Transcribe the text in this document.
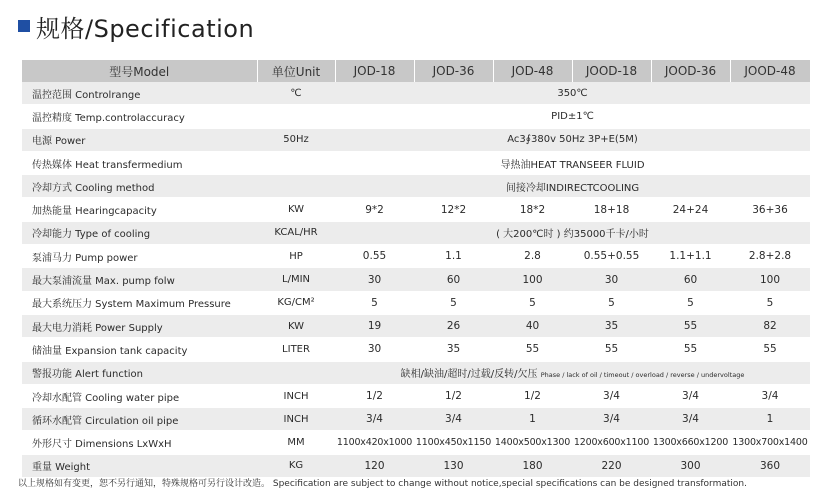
规格/Specification
型号Model	单位Unit	JOD-18	JOD-36	JOD-48	JOOD-18	JOOD-36	JOOD-48
温控范围 Controlrange	℃	350℃					
温控精度 Temp.controlaccuracy		PID±1℃					
电源 Power	50Hz	Ac3∮380v 50Hz 3P+E(5M)					
传热媒体 Heat transfermedium		导热油HEAT TRANSEER FLUID					
冷却方式 Cooling method		间接冷却INDIRECTCOOLING					
加热能量 Hearingcapacity	KW	9*2	12*2	18*2	18+18	24+24	36+36
冷却能力 Type of cooling	KCAL/HR	( 大200℃时 ) 约35000千卡/小时					
泵浦马力 Pump power	HP	0.55	1.1	2.8	0.55+0.55	1.1+1.1	2.8+2.8
最大泵浦流量 Max. pump folw	L/MIN	30	60	100	30	60	100
最大系统压力 System Maximum Pressure	KG/CM²	5	5	5	5	5	5
最大电力消耗 Power Supply	KW	19	26	40	35	55	82
储油量 Expansion tank capacity	LITER	30	35	55	55	55	55
警报功能 Alert function		缺相/缺油/超时/过载/反转/欠压 Phase / lack of oil / timeout / overload / reverse / undervoltage					
冷却水配管 Cooling water pipe	INCH	1/2	1/2	1/2	3/4	3/4	3/4
循环水配管 Circulation oil pipe	INCH	3/4	3/4	1	3/4	3/4	1
外形尺寸 Dimensions LxWxH	MM	1100x420x1000	1100x450x1150	1400x500x1300	1200x600x1100	1300x660x1200	1300x700x1400
重量 Weight	KG	120	130	180	220	300	360
以上规格如有变更，恕不另行通知，特殊规格可另行设计改造。 Specification are subject to change without notice,special specifications can be designed transformation.
